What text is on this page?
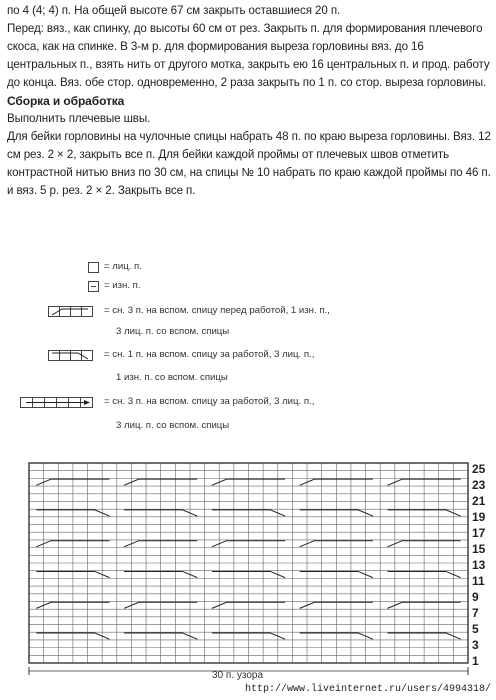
по 4 (4; 4) п. На общей высоте 67 см закрыть оставшиеся 20 п.

Перед: вяз., как спинку, до высоты 60 см от рез. Закрыть п. для формирования плечевого скоса, как на спинке. В 3-м р. для формирования выреза горловины вяз. до 16 центральных п., взять нить от другого мотка, закрыть ею 16 центральных п. и прод. работу до конца. Вяз. обе стор. одновременно, 2 раза закрыть по 1 п. со стор. выреза горловины.

Сборка и обработка

Выполнить плечевые швы.

Для бейки горловины на чулочные спицы набрать 48 п. по краю выреза горловины. Вяз. 12 см рез. 2 × 2, закрыть все п. Для бейки каждой проймы от плечевых швов отметить контрастной нитью вниз по 30 см, на спицы № 10 набрать по краю каждой проймы по 46 п. и вяз. 5 р. рез. 2 × 2. Закрыть все п.

= лиц. п.
= изн. п.
= сн. 3 п. на вспом. спицу перед работой, 1 изн. п.,
3 лиц. п. со вспом. спицы
= сн. 1 п. на вспом. спицу за работой, 3 лиц. п.,
1 изн. п. со вспом. спицы
= сн. 3 п. на вспом. спицу за работой, 3 лиц. п.,
3 лиц. п. со вспом. спицы
25
23
21
19
17
15
13
11
9
7
5
3
1
30 п. узора
http://www.liveinternet.ru/users/4994318/
